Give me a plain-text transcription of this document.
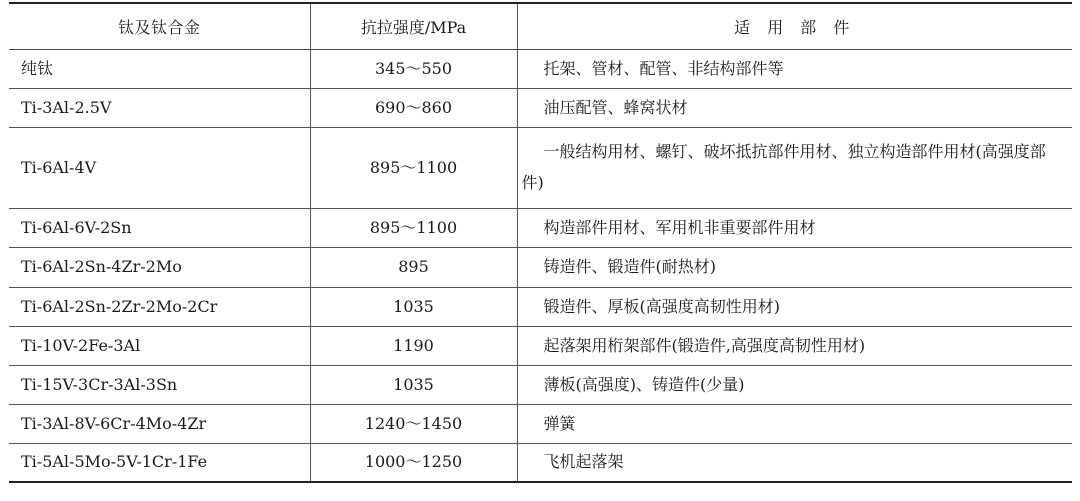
钛及钛合金	抗拉强度/MPa	适 用 部 件
纯钛	345～550	托架、管材、配管、非结构部件等
Ti-3Al-2.5V	690～860	油压配管、蜂窝状材
Ti-6Al-4V	895～1100	一般结构用材、螺钉、破坏抵抗部件用材、独立构造部件用材(高强度部件)
Ti-6Al-6V-2Sn	895～1100	构造部件用材、军用机非重要部件用材
Ti-6Al-2Sn-4Zr-2Mo	895	铸造件、锻造件(耐热材)
Ti-6Al-2Sn-2Zr-2Mo-2Cr	1035	锻造件、厚板(高强度高韧性用材)
Ti-10V-2Fe-3Al	1190	起落架用桁架部件(锻造件,高强度高韧性用材)
Ti-15V-3Cr-3Al-3Sn	1035	薄板(高强度)、铸造件(少量)
Ti-3Al-8V-6Cr-4Mo-4Zr	1240～1450	弹簧
Ti-5Al-5Mo-5V-1Cr-1Fe	1000～1250	飞机起落架
